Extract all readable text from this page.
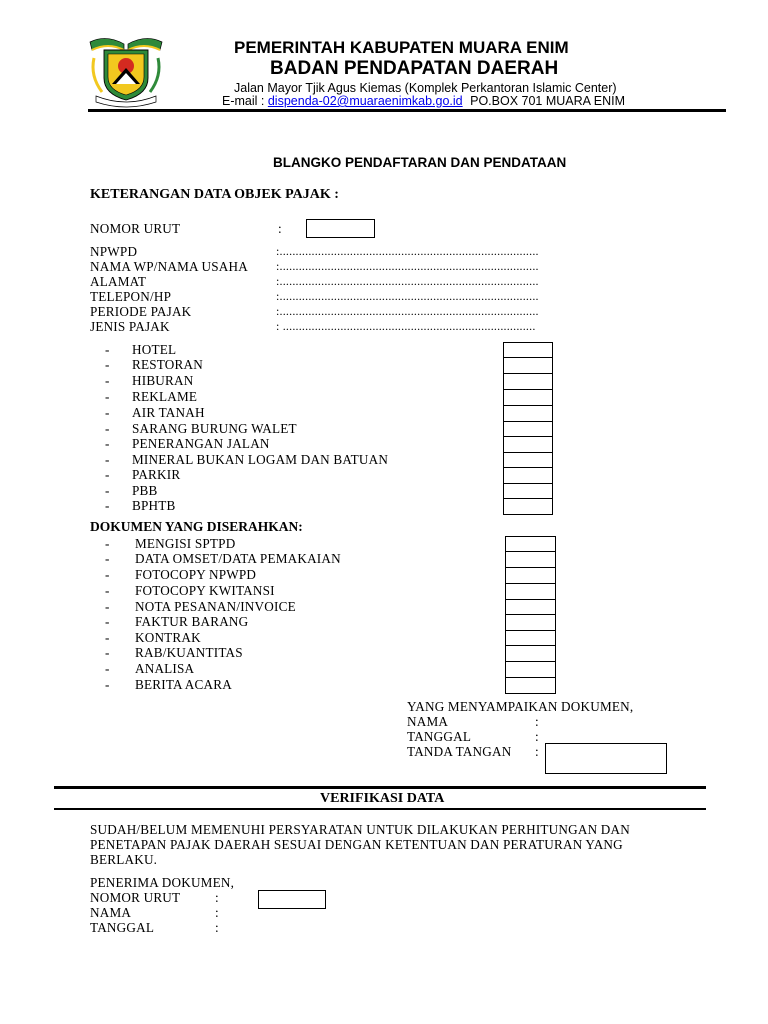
PEMERINTAH KABUPATEN MUARA ENIM
BADAN PENDAPATAN DAERAH
Jalan Mayor Tjik Agus Kiemas (Komplek Perkantoran Islamic Center)
E-mail : dispenda-02@muaraenimkab.go.id PO.BOX 701 MUARA ENIM
BLANGKO PENDAFTARAN DAN PENDATAAN
KETERANGAN DATA OBJEK PAJAK :
NOMOR URUT	:
NPWPD	:.................................................................................
NAMA WP/NAMA USAHA :.................................................................................
ALAMAT	:.................................................................................
TELEPON/HP	:.................................................................................
PERIODE PAJAK	:.................................................................................
JENIS PAJAK	: ...............................................................................
- HOTEL
- RESTORAN
- HIBURAN
- REKLAME
- AIR TANAH
- SARANG BURUNG WALET
- PENERANGAN JALAN
- MINERAL BUKAN LOGAM DAN BATUAN
- PARKIR
- PBB
- BPHTB
DOKUMEN YANG DISERAHKAN:
- MENGISI SPTPD
- DATA OMSET/DATA PEMAKAIAN
- FOTOCOPY NPWPD
- FOTOCOPY KWITANSI
- NOTA PESANAN/INVOICE
- FAKTUR BARANG
- KONTRAK
- RAB/KUANTITAS
- ANALISA
- BERITA ACARA
YANG MENYAMPAIKAN DOKUMEN,
NAMA	:
TANGGAL	:
TANDA TANGAN :
VERIFIKASI DATA
SUDAH/BELUM MEMENUHI PERSYARATAN UNTUK DILAKUKAN PERHITUNGAN DAN
PENETAPAN PAJAK DAERAH SESUAI DENGAN KETENTUAN DAN PERATURAN YANG
BERLAKU.
PENERIMA DOKUMEN,
NOMOR URUT	:
NAMA	:
TANGGAL	:
